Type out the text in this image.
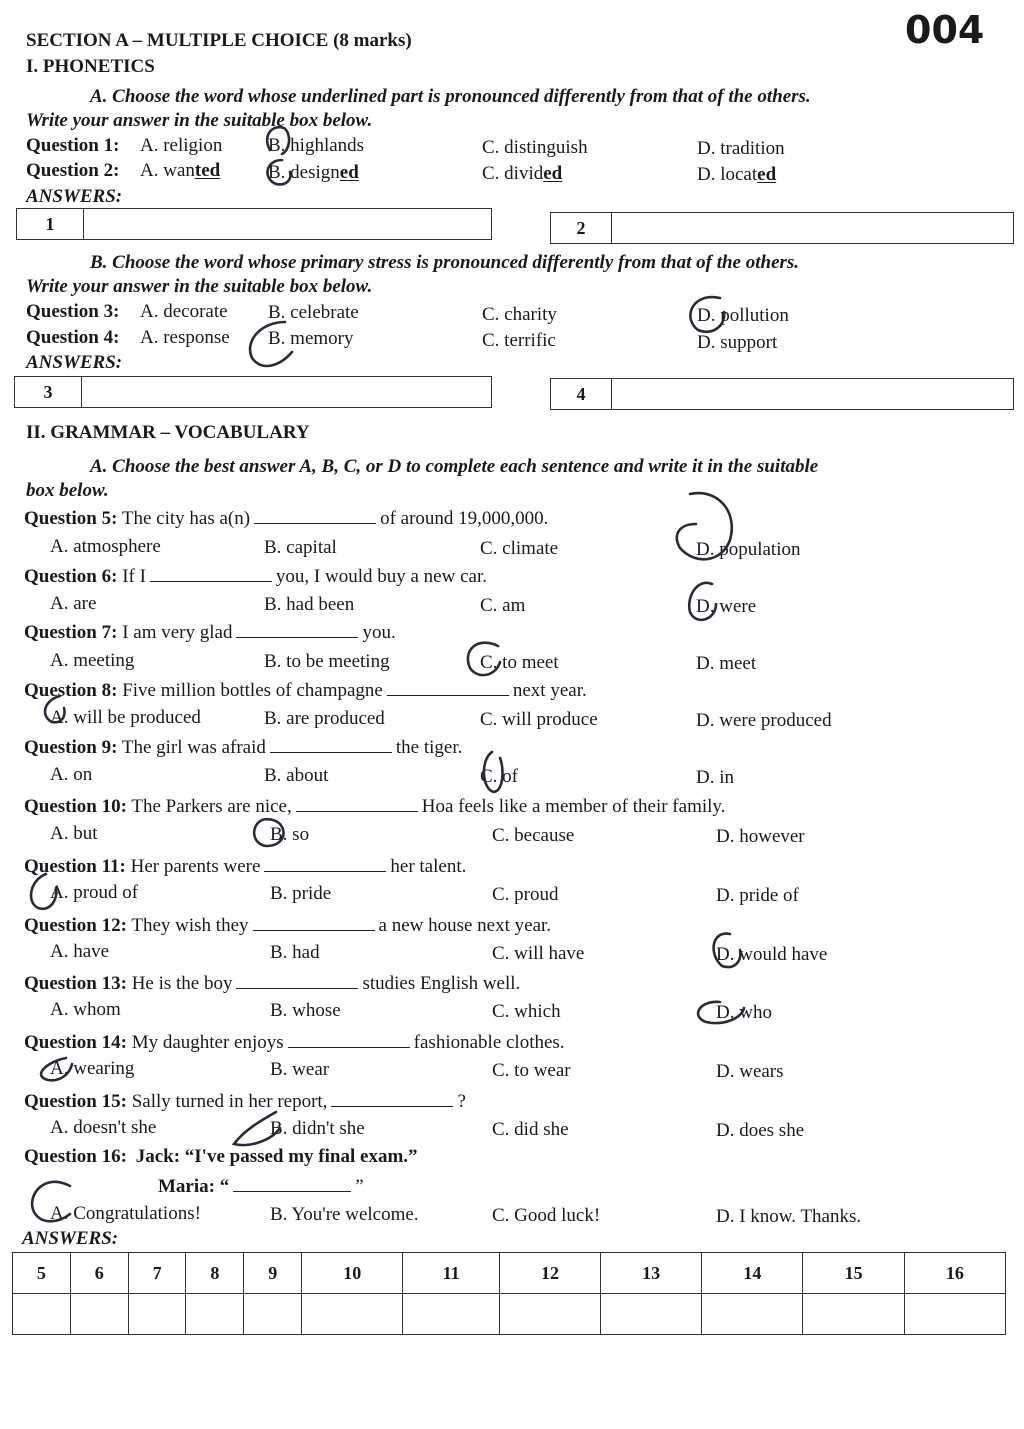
SECTION A – MULTIPLE CHOICE (8 marks)	004
I. PHONETICS
A. Choose the word whose underlined part is pronounced differently from that of the others.
Write your answer in the suitable box below.
Question 1: A. religion B. highlands	C. distinguish	D. tradition
Question 2: A. wanted	B. designed	C. divided	D. located
ANSWERS:
1	2
B. Choose the word whose primary stress is pronounced differently from that of the others.
Write your answer in the suitable box below.
Question 3: A. decorate B. celebrate	C. charity	D. pollution
Question 4: A. response B. memory	C. terrific	D. support
ANSWERS:
3	4
II. GRAMMAR – VOCABULARY
A. Choose the best answer A, B, C, or D to complete each sentence and write it in the suitable
box below.
Question 5: The city has a(n)	of around 19,000,000.
A. atmosphere	B. capital	C. climate	D. population
Question 6: If I	you, I would buy a new car.
A. are	B. had been	C. am	D. were
Question 7: I am very glad	you.
A. meeting	B. to be meeting	C. to meet	D. meet
Question 8: Five million bottles of champagne	next year.
A. will be produced	B. are produced	C. will produce	D. were produced
Question 9: The girl was afraid	the tiger.
A. on	B. about	C. of	D. in
Question 10: The Parkers are nice,	Hoa feels like a member of their family.
A. but	B. so	C. because	D. however
Question 11: Her parents were	her talent.
A. proud of	B. pride	C. proud	D. pride of
Question 12: They wish they	a new house next year.
A. have	B. had	C. will have	D. would have
Question 13: He is the boy	studies English well.
A. whom	B. whose	C. which	D. who
Question 14: My daughter enjoys	fashionable clothes.
A. wearing	B. wear	C. to wear	D. wears
Question 15: Sally turned in her report,	?
A. doesn't she	B. didn't she	C. did she	D. does she
Question 16: Jack: “I've passed my final exam.”
Maria: “	”
A. Congratulations!	B. You're welcome.	C. Good luck!	D. I know. Thanks.
ANSWERS:
5	6	7	8	9	10	11	12	13	14	15	16
